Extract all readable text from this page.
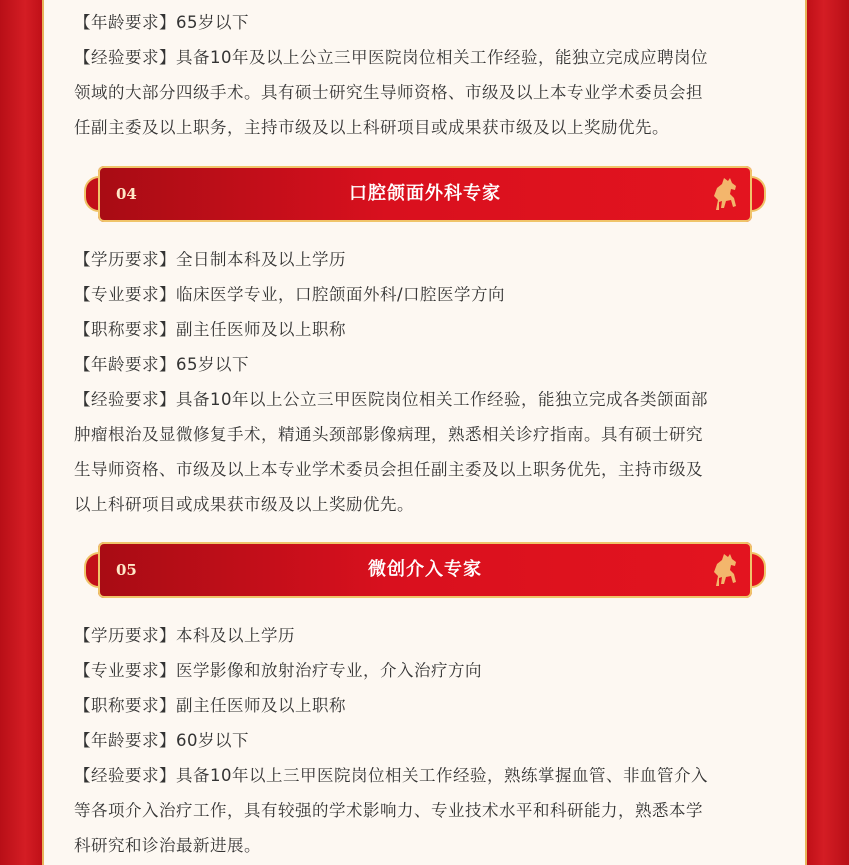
【年龄要求】65岁以下

【经验要求】具备10年及以上公立三甲医院岗位相关工作经验，能独立完成应聘岗位

领域的大部分四级手术。具有硕士研究生导师资格、市级及以上本专业学术委员会担

任副主委及以上职务，主持市级及以上科研项目或成果获市级及以上奖励优先。

04	口腔颌面外科专家

【学历要求】全日制本科及以上学历

【专业要求】临床医学专业，口腔颌面外科/口腔医学方向

【职称要求】副主任医师及以上职称

【年龄要求】65岁以下

【经验要求】具备10年以上公立三甲医院岗位相关工作经验，能独立完成各类颌面部

肿瘤根治及显微修复手术，精通头颈部影像病理，熟悉相关诊疗指南。具有硕士研究

生导师资格、市级及以上本专业学术委员会担任副主委及以上职务优先，主持市级及

以上科研项目或成果获市级及以上奖励优先。

05	微创介入专家

【学历要求】本科及以上学历

【专业要求】医学影像和放射治疗专业，介入治疗方向

【职称要求】副主任医师及以上职称

【年龄要求】60岁以下

【经验要求】具备10年以上三甲医院岗位相关工作经验，熟练掌握血管、非血管介入

等各项介入治疗工作，具有较强的学术影响力、专业技术水平和科研能力，熟悉本学

科研究和诊治最新进展。
